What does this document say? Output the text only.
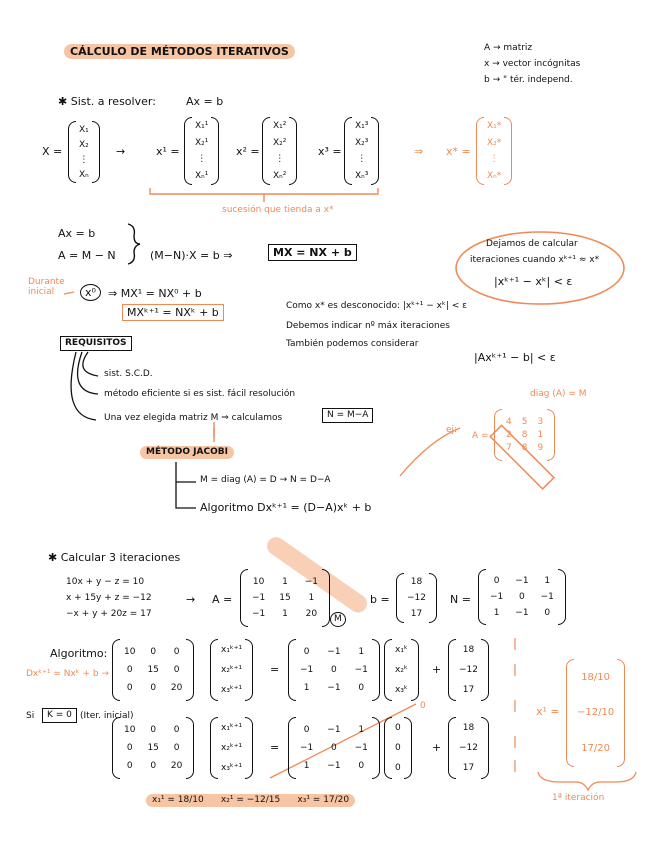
CÁLCULO DE MÉTODOS ITERATIVOS	A → matriz
x → vector incógnitas
b → " tér. independ.
✱ Sist. a resolver:	Ax = b
X =
X₁
X₂
⋮
Xₙ
→	x¹ =
X₁¹
X₂¹
⋮
Xₙ¹
x² =
X₁²
X₂²
⋮
Xₙ²
x³ =
X₁³
X₂³
⋮
Xₙ³
⇒ x* =
X₁*
X₂*
⋮
Xₙ*
sucesión que tienda a x*
Ax = b
A = M − N	(M−N)·X = b ⇒	MX = NX + b
Dejamos de calcular
iteraciones cuando xᵏ⁺¹ ≈ x*
|xᵏ⁺¹ − xᵏ| < ε
Durante inicial	x⁰	⇒ MX¹ = NX⁰ + b
MXᵏ⁺¹ = NXᵏ + b	Como x* es desconocido: |xᵏ⁺¹ − xᵏ| < ε
Debemos indicar nº máx iteraciones
También podemos considerar
|Axᵏ⁺¹ − b| < ε
REQUISITOS
sist. S.C.D.
método eficiente si es sist. fácil resolución
Una vez elegida matriz M ⇒ calculamos	N = M−A
MÉTODO JACOBI
M = diag (A) = D → N = D−A
Algoritmo Dxᵏ⁺¹ = (D−A)xᵏ + b
ej:
diag (A) = M
A =
4 5 3
2 8 1
7 8 9
✱ Calcular 3 iteraciones
10x + y − z = 10
x + 15y + z = −12
−x + y + 20z = 17
→ A =
10	1	−1
−1 15	1
−1	1	20	M
b =
18
−12
17
N =
0	−1	1
−1	0	−1
1	−1	0
Algoritmo:
Dxᵏ⁺¹ = Nxᵏ + b →
10	0	0
0	15	0
0	0	20
x₁ᵏ⁺¹
x₂ᵏ⁺¹
x₃ᵏ⁺¹
=
0	−1	1
−1	0	−1
1	−1	0
x₁ᵏ
x₂ᵏ
x₃ᵏ
+
18
−12
17
Si	K = 0 (Iter. inicial)
10	0	0
0	15	0
0	0	20
x₁ᵏ⁺¹
x₂ᵏ⁺¹
x₃ᵏ⁺¹
=
0	−1	1
−1	0	−1
1	−1	0
0
0
0
0
+
18
−12
17
x¹ =
18/10
−12/10
17/20
1ª iteración
x₁¹ = 18/10 x₂¹ = −12/15 x₃¹ = 17/20
